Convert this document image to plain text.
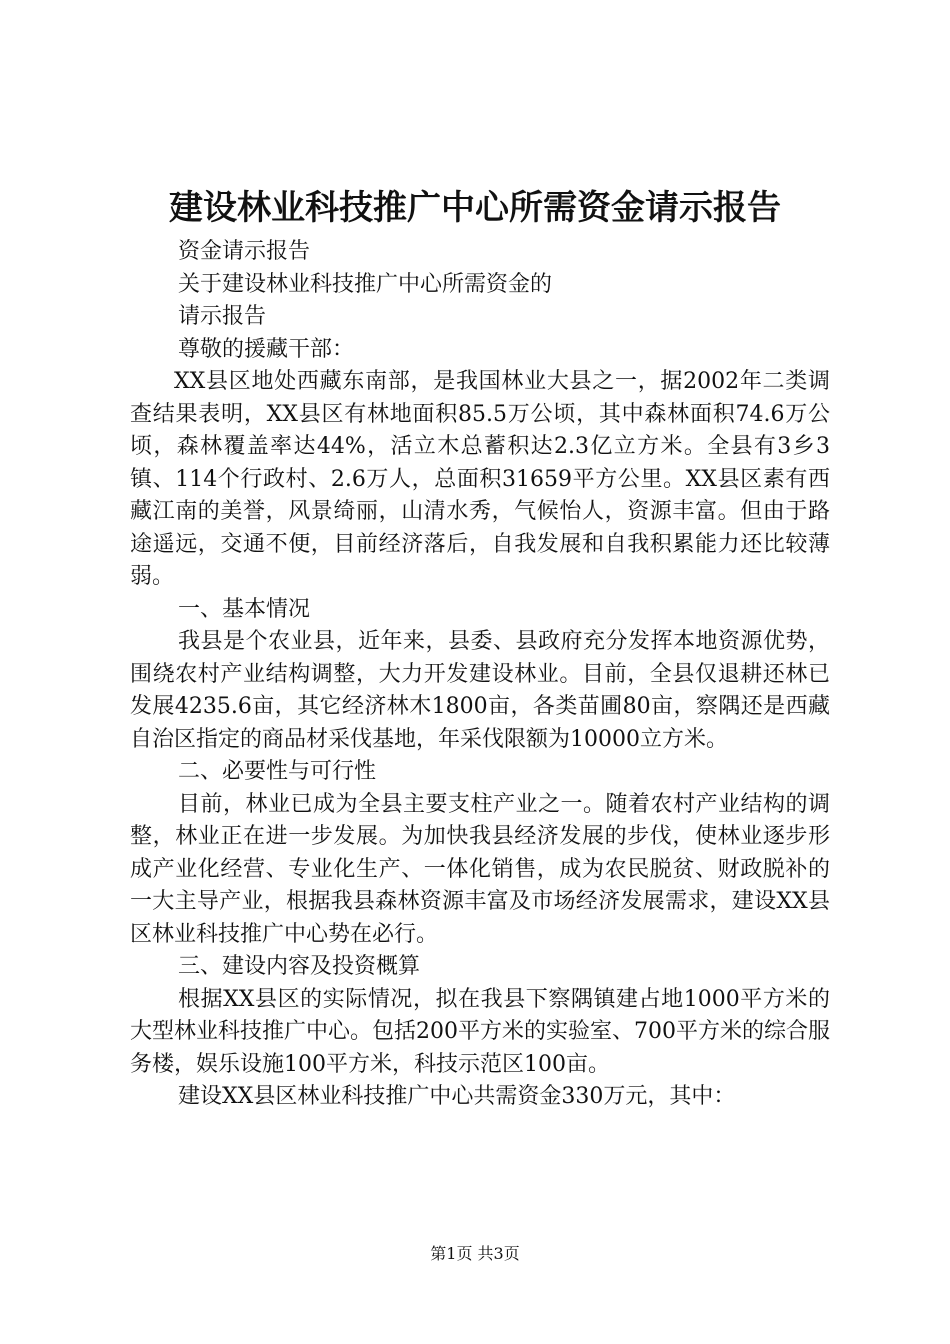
建设林业科技推广中心所需资金请示报告

资金请示报告

关于建设林业科技推广中心所需资金的

请示报告

尊敬的援藏干部：

XX县区地处西藏东南部，是我国林业大县之一，据2002年二类调查结果表明，XX县区有林地面积85.5万公顷，其中森林面积74.6万公顷，森林覆盖率达44%，活立木总蓄积达2.3亿立方米。全县有3乡3镇、114个行政村、2.6万人，总面积31659平方公里。XX县区素有西藏江南的美誉，风景绮丽，山清水秀，气候怡人，资源丰富。但由于路途遥远，交通不便，目前经济落后，自我发展和自我积累能力还比较薄弱。

一、基本情况

我县是个农业县，近年来，县委、县政府充分发挥本地资源优势，围绕农村产业结构调整，大力开发建设林业。目前，全县仅退耕还林已发展4235.6亩，其它经济林木1800亩，各类苗圃80亩，察隅还是西藏自治区指定的商品材采伐基地，年采伐限额为10000立方米。

二、必要性与可行性

目前，林业已成为全县主要支柱产业之一。随着农村产业结构的调整，林业正在进一步发展。为加快我县经济发展的步伐，使林业逐步形成产业化经营、专业化生产、一体化销售，成为农民脱贫、财政脱补的一大主导产业，根据我县森林资源丰富及市场经济发展需求，建设XX县区林业科技推广中心势在必行。

三、建设内容及投资概算

根据XX县区的实际情况，拟在我县下察隅镇建占地1000平方米的大型林业科技推广中心。包括200平方米的实验室、700平方米的综合服务楼，娱乐设施100平方米，科技示范区100亩。

建设XX县区林业科技推广中心共需资金330万元，其中：

第1页 共3页
